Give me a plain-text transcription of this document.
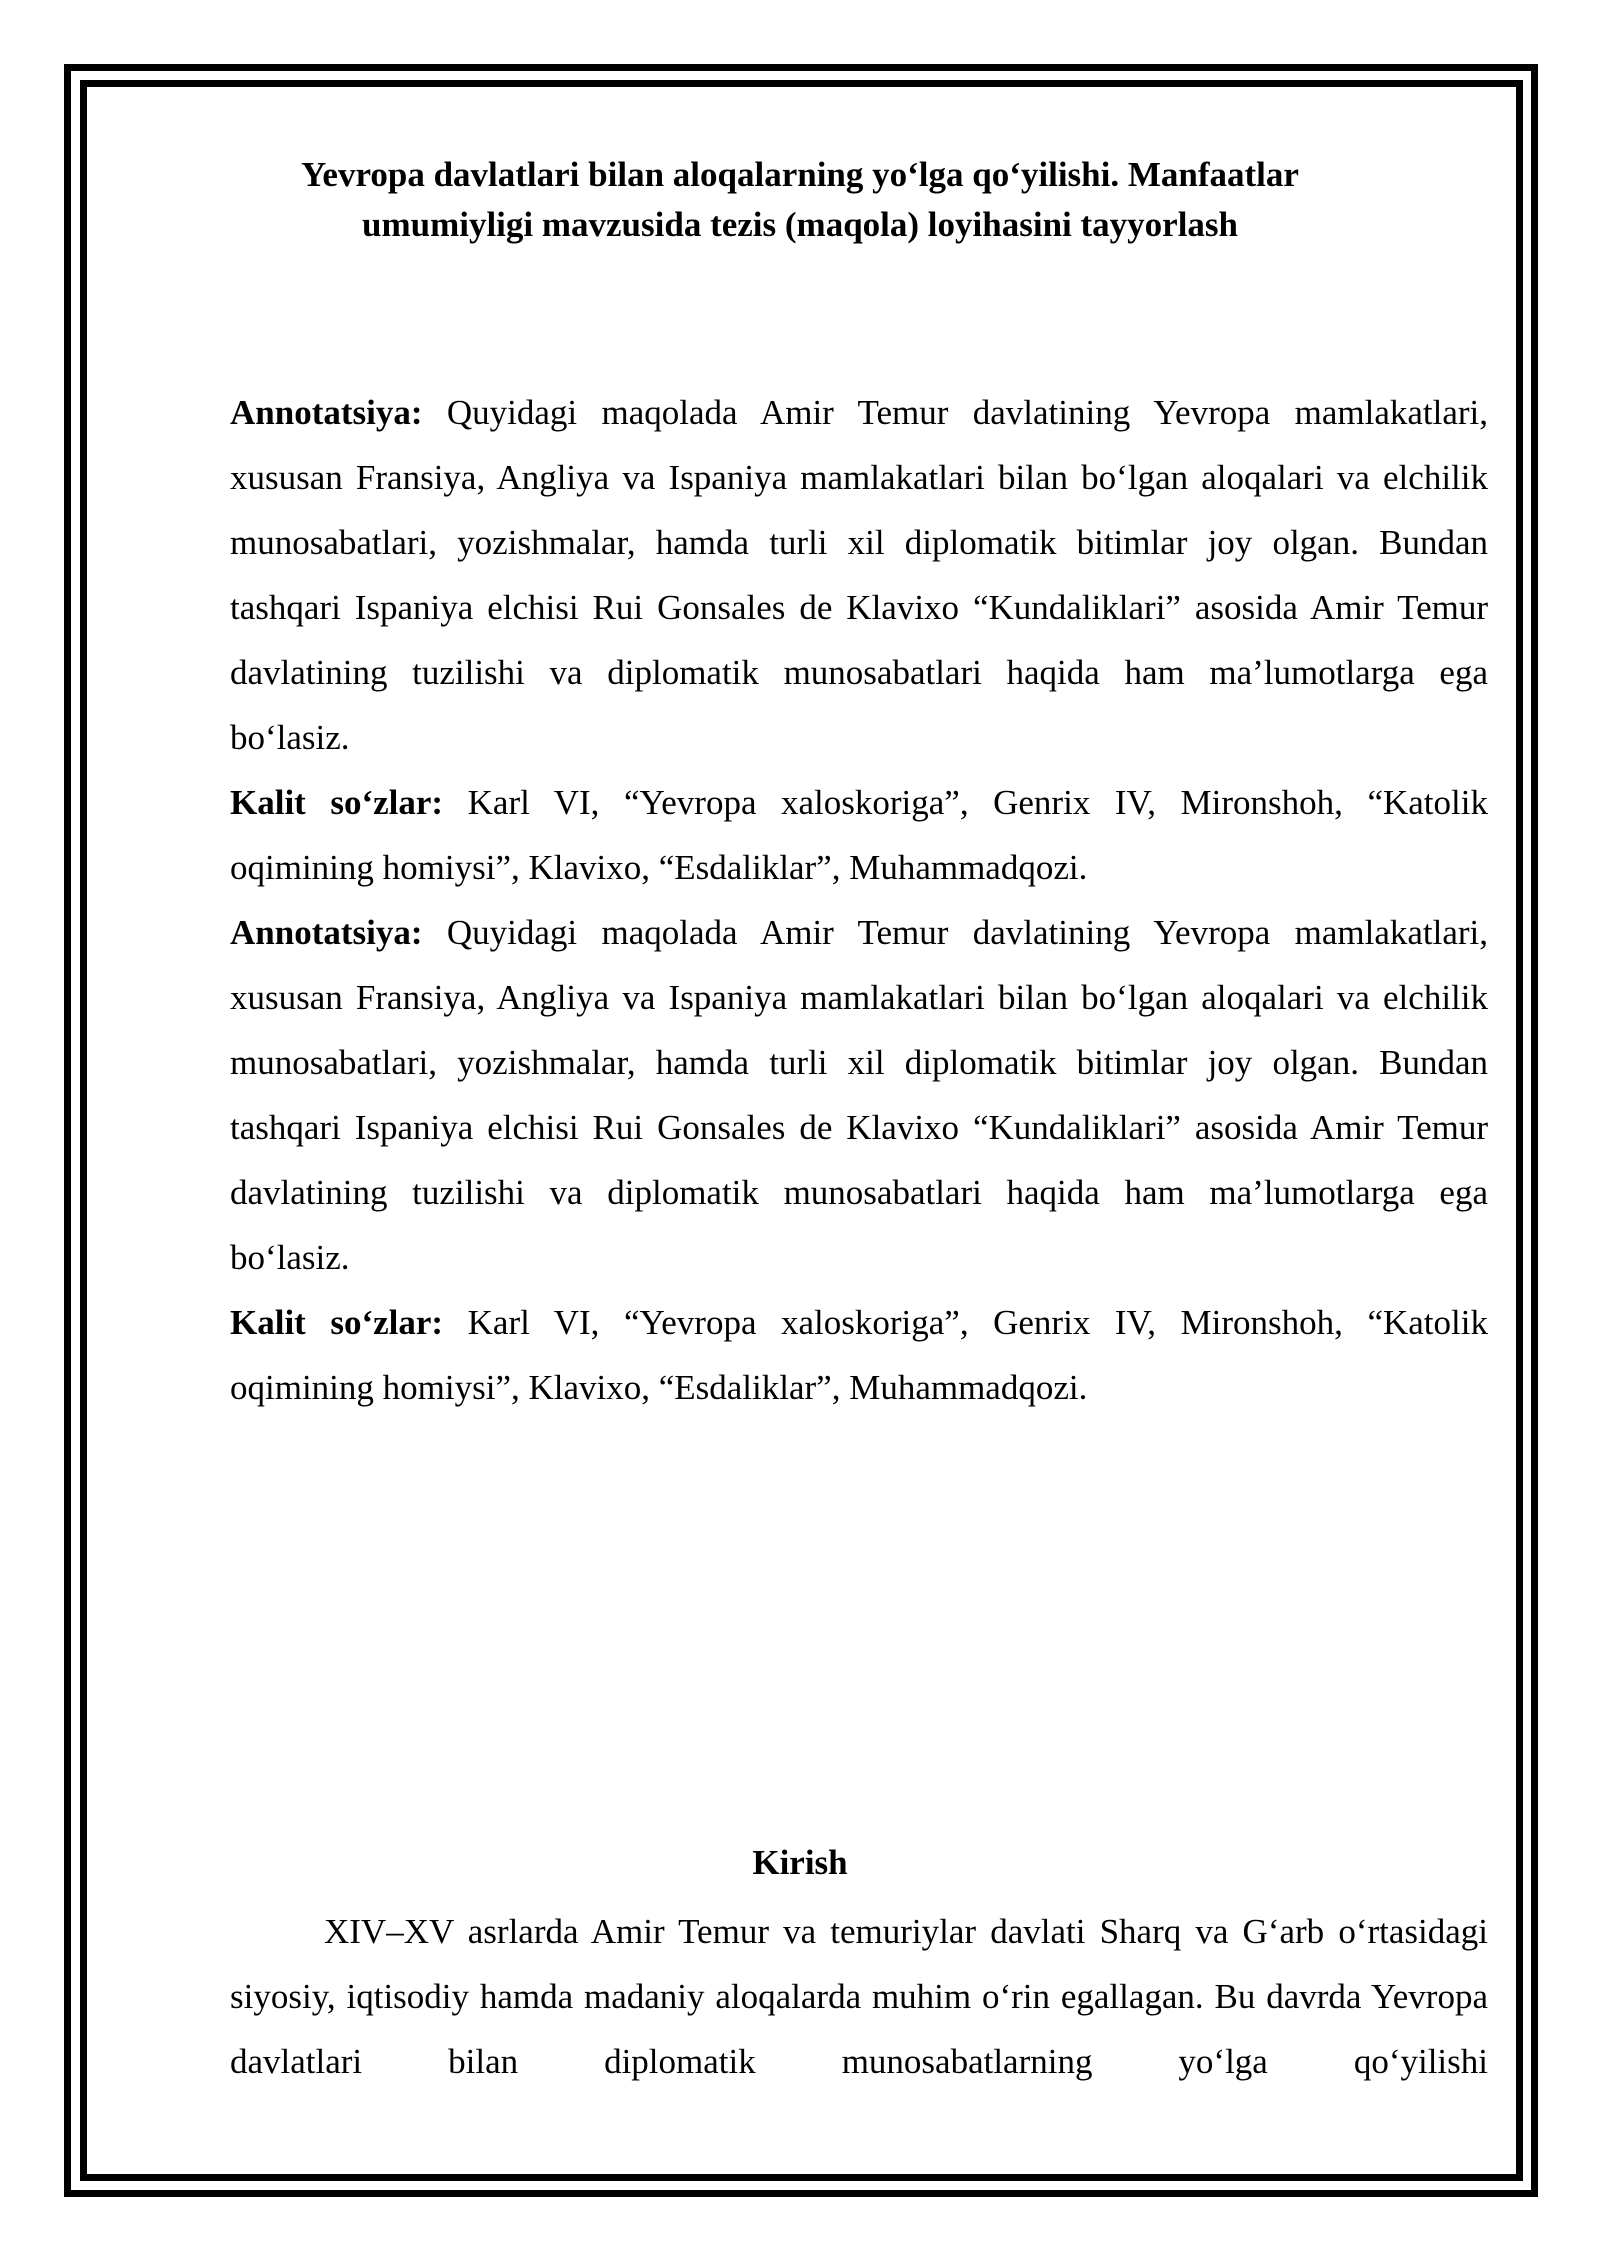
Yevropa davlatlari bilan aloqalarning yo‘lga qo‘yilishi. Manfaatlar umumiyligi mavzusida tezis (maqola) loyihasini tayyorlash

Annotatsiya: Quyidagi maqolada Amir Temur davlatining Yevropa mamlakatlari, xususan Fransiya, Angliya va Ispaniya mamlakatlari bilan bo‘lgan aloqalari va elchilik munosabatlari, yozishmalar, hamda turli xil diplomatik bitimlar joy olgan. Bundan tashqari Ispaniya elchisi Rui Gonsales de Klavixo “Kundaliklari” asosida Amir Temur davlatining tuzilishi va diplomatik munosabatlari haqida ham ma’lumotlarga ega bo‘lasiz.

Kalit so‘zlar: Karl VI, “Yevropa xaloskoriga”, Genrix IV, Mironshoh, “Katolik oqimining homiysi”, Klavixo, “Esdaliklar”, Muhammadqozi.

Annotatsiya: Quyidagi maqolada Amir Temur davlatining Yevropa mamlakatlari, xususan Fransiya, Angliya va Ispaniya mamlakatlari bilan bo‘lgan aloqalari va elchilik munosabatlari, yozishmalar, hamda turli xil diplomatik bitimlar joy olgan. Bundan tashqari Ispaniya elchisi Rui Gonsales de Klavixo “Kundaliklari” asosida Amir Temur davlatining tuzilishi va diplomatik munosabatlari haqida ham ma’lumotlarga ega bo‘lasiz.

Kalit so‘zlar: Karl VI, “Yevropa xaloskoriga”, Genrix IV, Mironshoh, “Katolik oqimining homiysi”, Klavixo, “Esdaliklar”, Muhammadqozi.

Kirish

XIV–XV asrlarda Amir Temur va temuriylar davlati Sharq va G‘arb o‘rtasidagi siyosiy, iqtisodiy hamda madaniy aloqalarda muhim o‘rin egallagan. Bu davrda Yevropa davlatlari bilan diplomatik munosabatlarning yo‘lga qo‘yilishi
